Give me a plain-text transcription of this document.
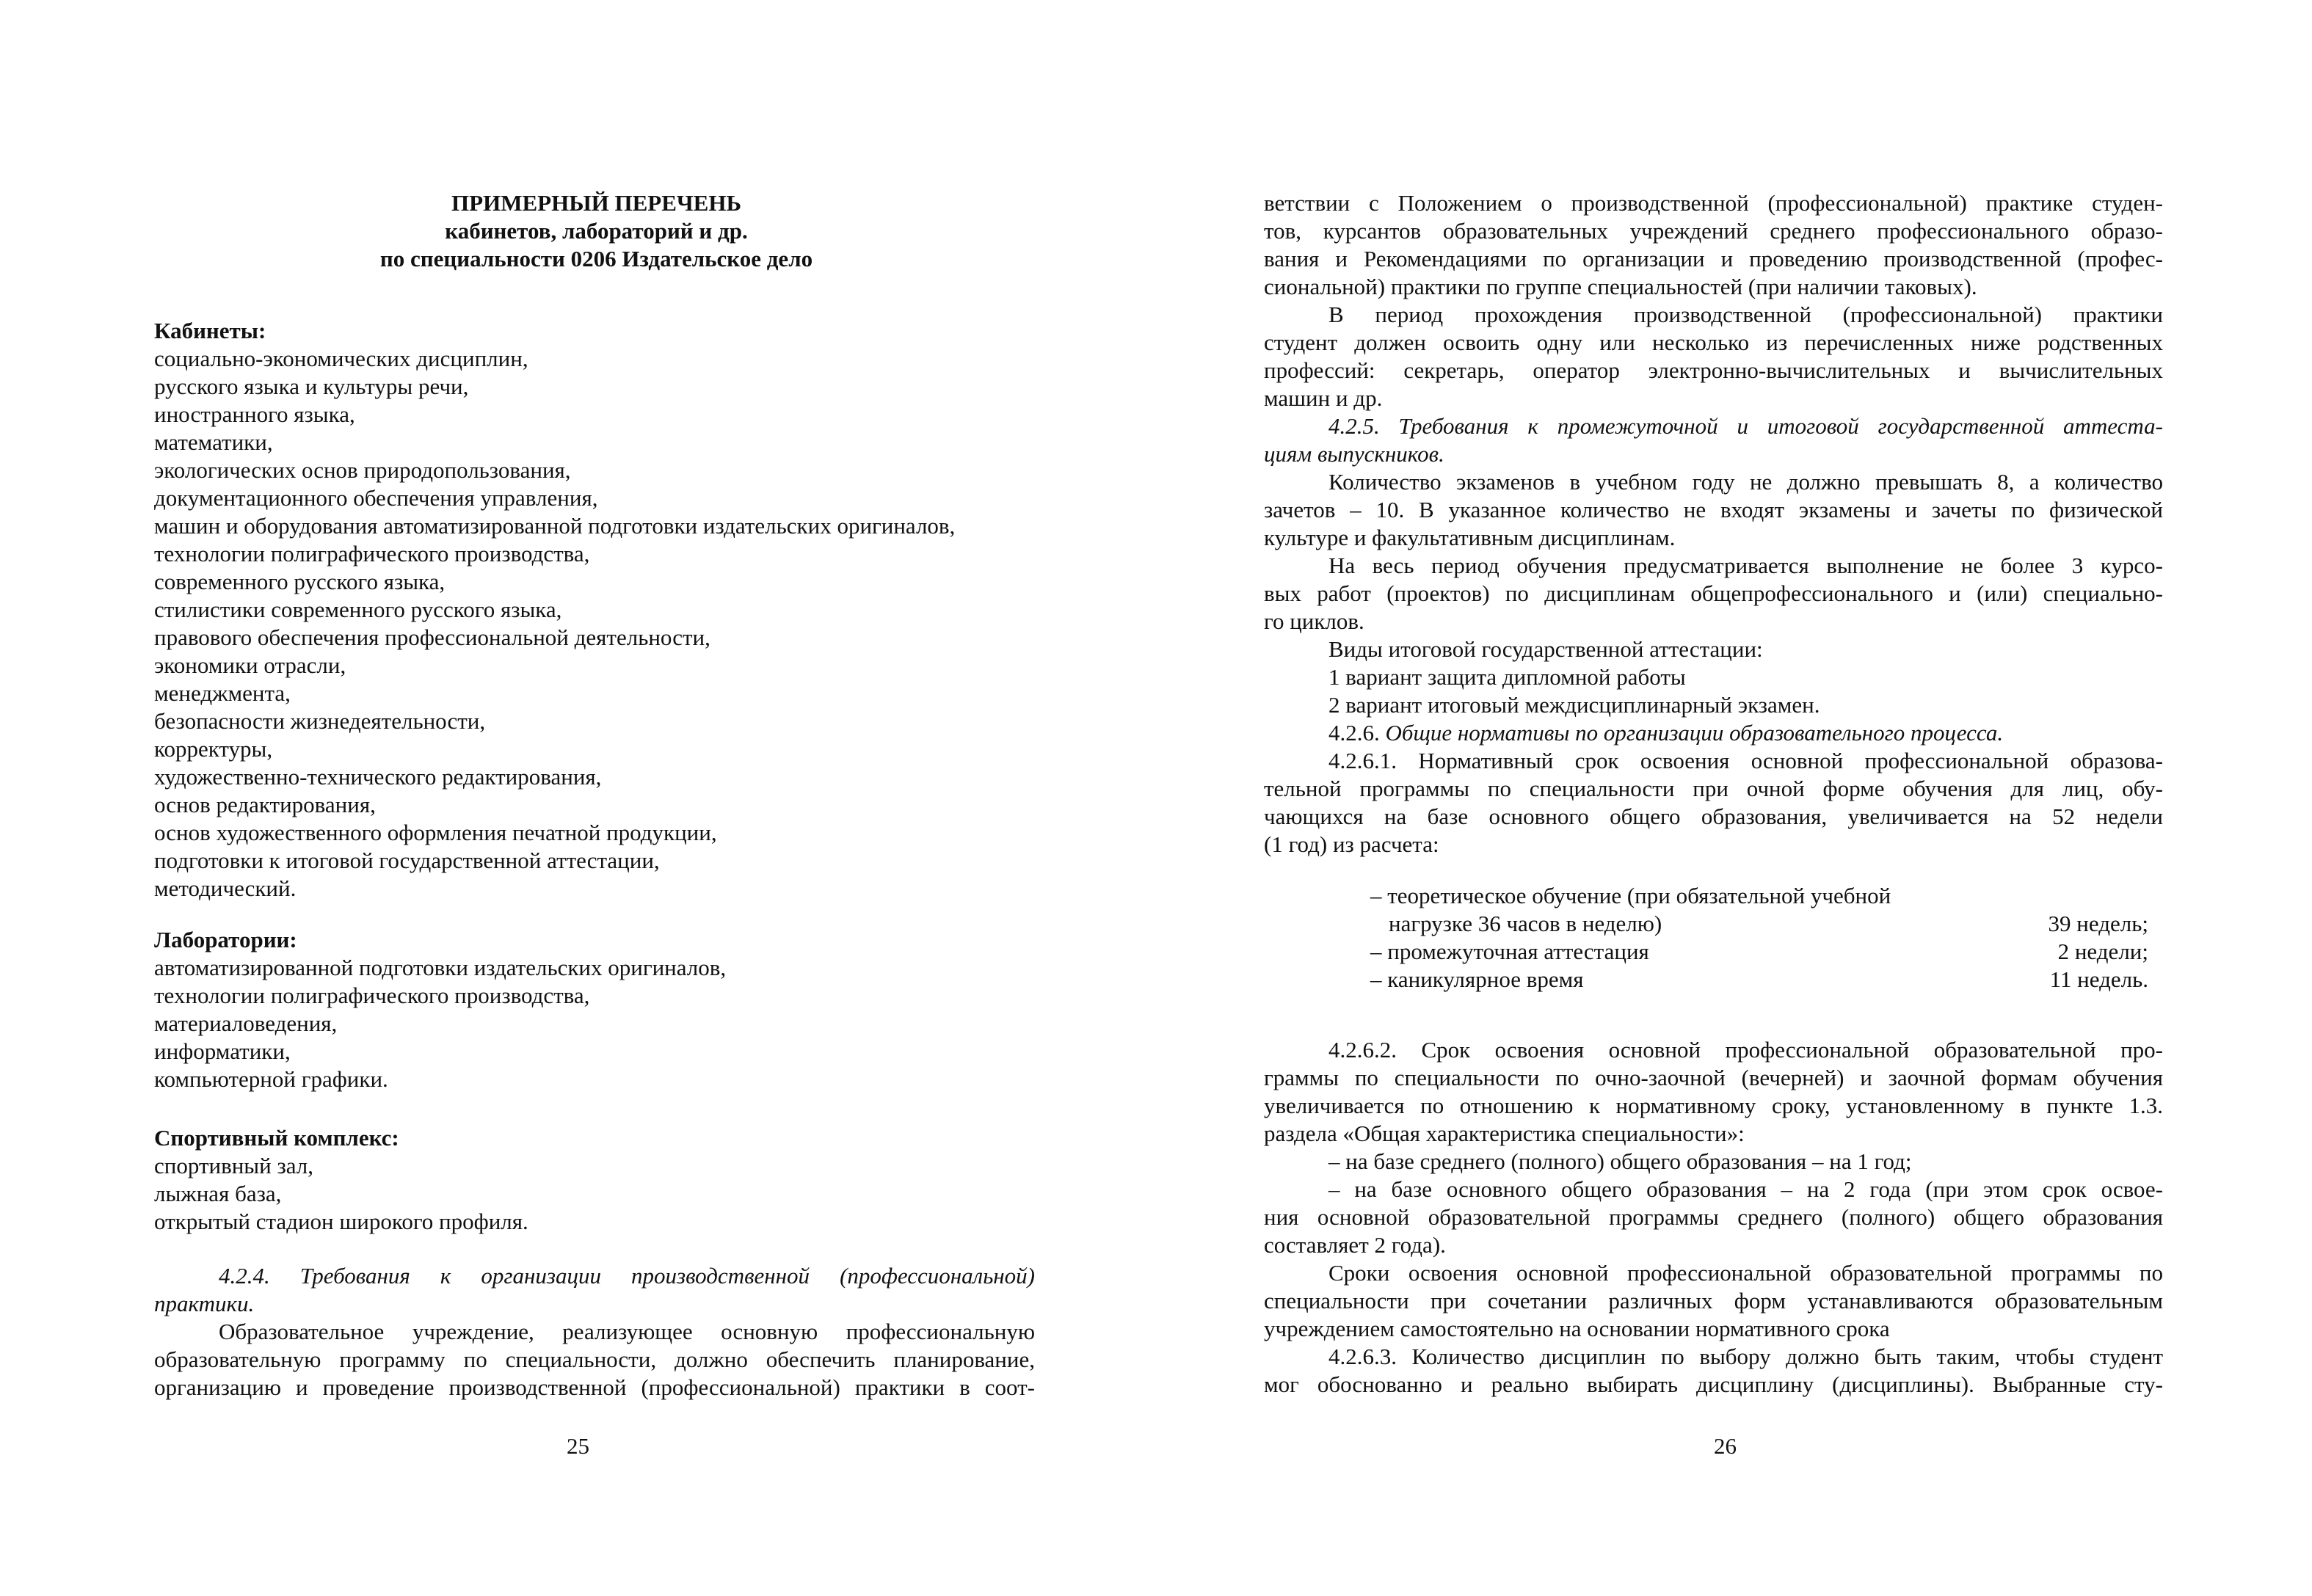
ПРИМЕРНЫЙ ПЕРЕЧЕНЬ
кабинетов, лабораторий и др.
по специальности 0206 Издательское дело
Кабинеты:
социально-экономических дисциплин,
русского языка и культуры речи,
иностранного языка,
математики,
экологических основ природопользования,
документационного обеспечения управления,
машин и оборудования автоматизированной подготовки издательских оригиналов,
технологии полиграфического производства,
современного русского языка,
стилистики современного русского языка,
правового обеспечения профессиональной деятельности,
экономики отрасли,
менеджмента,
безопасности жизнедеятельности,
корректуры,
художественно-технического редактирования,
основ редактирования,
основ художественного оформления печатной продукции,
подготовки к итоговой государственной аттестации,
методический.
Лаборатории:
автоматизированной подготовки издательских оригиналов,
технологии полиграфического производства,
материаловедения,
информатики,
компьютерной графики.
Спортивный комплекс:
спортивный зал,
лыжная база,
открытый стадион широкого профиля.
4.2.4. Требования к организации производственной (профессиональной)
практики.
Образовательное учреждение, реализующее основную профессиональную
образовательную программу по специальности, должно обеспечить планирование,
организацию и проведение производственной (профессиональной) практики в соот-
25
ветствии с Положением о производственной (профессиональной) практике студен-
тов, курсантов образовательных учреждений среднего профессионального образо-
вания и Рекомендациями по организации и проведению производственной (профес-
сиональной) практики по группе специальностей (при наличии таковых).
В период прохождения производственной (профессиональной) практики
студент должен освоить одну или несколько из перечисленных ниже родственных
профессий: секретарь, оператор электронно-вычислительных и вычислительных
машин и др.
4.2.5. Требования к промежуточной и итоговой государственной аттеста-
циям выпускников.
Количество экзаменов в учебном году не должно превышать 8, а количество
зачетов – 10. В указанное количество не входят экзамены и зачеты по физической
культуре и факультативным дисциплинам.
На весь период обучения предусматривается выполнение не более 3 курсо-
вых работ (проектов) по дисциплинам общепрофессионального и (или) специально-
го циклов.
Виды итоговой государственной аттестации:
1 вариант защита дипломной работы
2 вариант итоговый междисциплинарный экзамен.
4.2.6. Общие нормативы по организации образовательного процесса.
4.2.6.1. Нормативный срок освоения основной профессиональной образова-
тельной программы по специальности при очной форме обучения для лиц, обу-
чающихся на базе основного общего образования, увеличивается на 52 недели
(1 год) из расчета:
– теоретическое обучение (при обязательной учебной
нагрузке 36 часов в неделю)	39 недель;
– промежуточная аттестация	2 недели;
– каникулярное время	11 недель.
4.2.6.2. Срок освоения основной профессиональной образовательной про-
граммы по специальности по очно-заочной (вечерней) и заочной формам обучения
увеличивается по отношению к нормативному сроку, установленному в пункте 1.3.
раздела «Общая характеристика специальности»:
– на базе среднего (полного) общего образования – на 1 год;
– на базе основного общего образования – на 2 года (при этом срок освое-
ния основной образовательной программы среднего (полного) общего образования
составляет 2 года).
Сроки освоения основной профессиональной образовательной программы по
специальности при сочетании различных форм устанавливаются образовательным
учреждением самостоятельно на основании нормативного срока
4.2.6.3. Количество дисциплин по выбору должно быть таким, чтобы студент
мог обоснованно и реально выбирать дисциплину (дисциплины). Выбранные сту-
26
